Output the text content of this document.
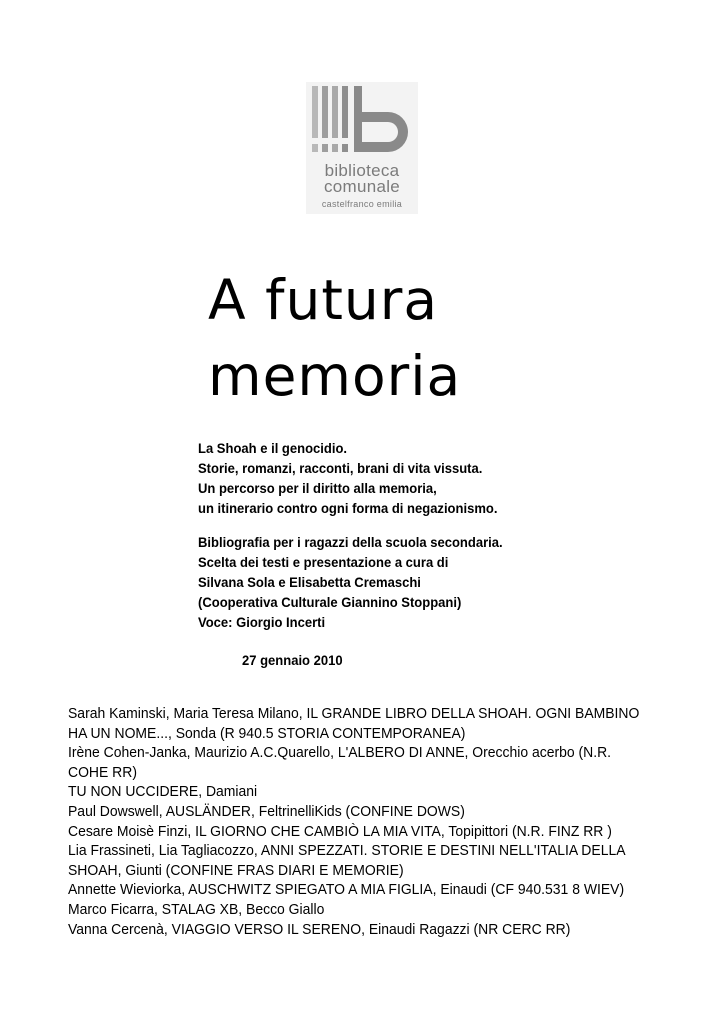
biblioteca
comunale
castelfranco emilia
A futura
memoria
La Shoah e il genocidio.
Storie, romanzi, racconti, brani di vita vissuta.
Un percorso per il diritto alla memoria,
un itinerario contro ogni forma di negazionismo.
Bibliografia per i ragazzi della scuola secondaria.
Scelta dei testi e presentazione a cura di
Silvana Sola e Elisabetta Cremaschi
(Cooperativa Culturale Giannino Stoppani)
Voce: Giorgio Incerti
27 gennaio 2010
Sarah Kaminski, Maria Teresa Milano, IL GRANDE LIBRO DELLA SHOAH. OGNI BAMBINO
HA UN NOME..., Sonda (R 940.5 STORIA CONTEMPORANEA)
Irène Cohen-Janka, Maurizio A.C.Quarello, L'ALBERO DI ANNE, Orecchio acerbo (N.R.
COHE RR)
TU NON UCCIDERE, Damiani
Paul Dowswell, AUSLÄNDER, FeltrinelliKids (CONFINE DOWS)
Cesare Moisè Finzi, IL GIORNO CHE CAMBIÒ LA MIA VITA, Topipittori (N.R. FINZ RR )
Lia Frassineti, Lia Tagliacozzo, ANNI SPEZZATI. STORIE E DESTINI NELL'ITALIA DELLA
SHOAH, Giunti (CONFINE FRAS DIARI E MEMORIE)
Annette Wieviorka, AUSCHWITZ SPIEGATO A MIA FIGLIA, Einaudi (CF 940.531 8 WIEV)
Marco Ficarra, STALAG XB, Becco Giallo
Vanna Cercenà, VIAGGIO VERSO IL SERENO, Einaudi Ragazzi (NR CERC RR)
